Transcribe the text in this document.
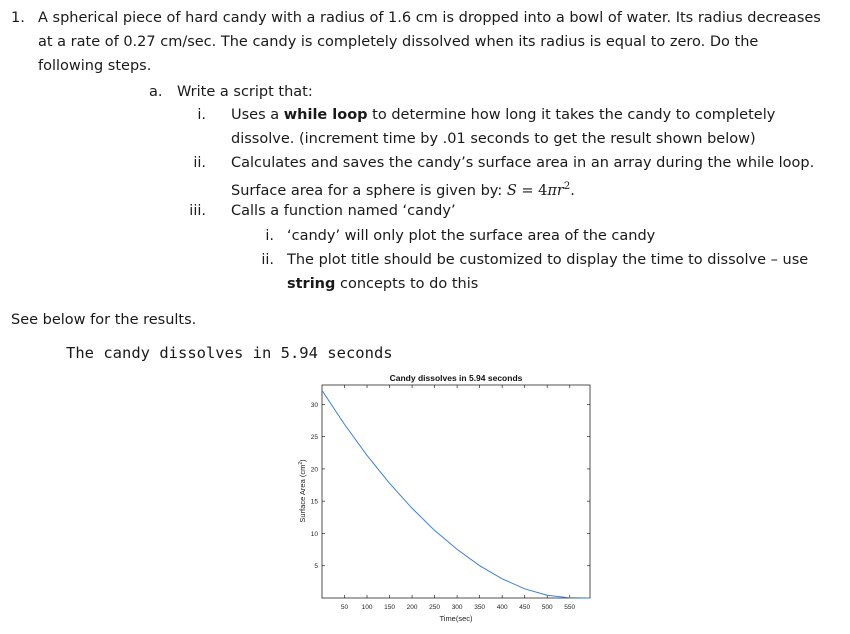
1. A spherical piece of hard candy with a radius of 1.6 cm is dropped into a bowl of water. Its radius decreases
at a rate of 0.27 cm/sec. The candy is completely dissolved when its radius is equal to zero. Do the
following steps.
a. Write a script that:
i. Uses a while loop to determine how long it takes the candy to completely
dissolve. (increment time by .01 seconds to get the result shown below)
ii. Calculates and saves the candy’s surface area in an array during the while loop.
Surface area for a sphere is given by: $S = 4\pi r^2$.
iii. Calls a function named ‘candy’
i. ‘candy’ will only plot the surface area of the candy
ii. The plot title should be customized to display the time to dissolve – use
string concepts to do this
See below for the results.
The candy dissolves in 5.94 seconds
Candy dissolves in 5.94 seconds
50 100 150 200 250 300 350 400 450 500 550
5
10
15
20
25
30
Time(sec)
Surface Area $(cm^2)$
